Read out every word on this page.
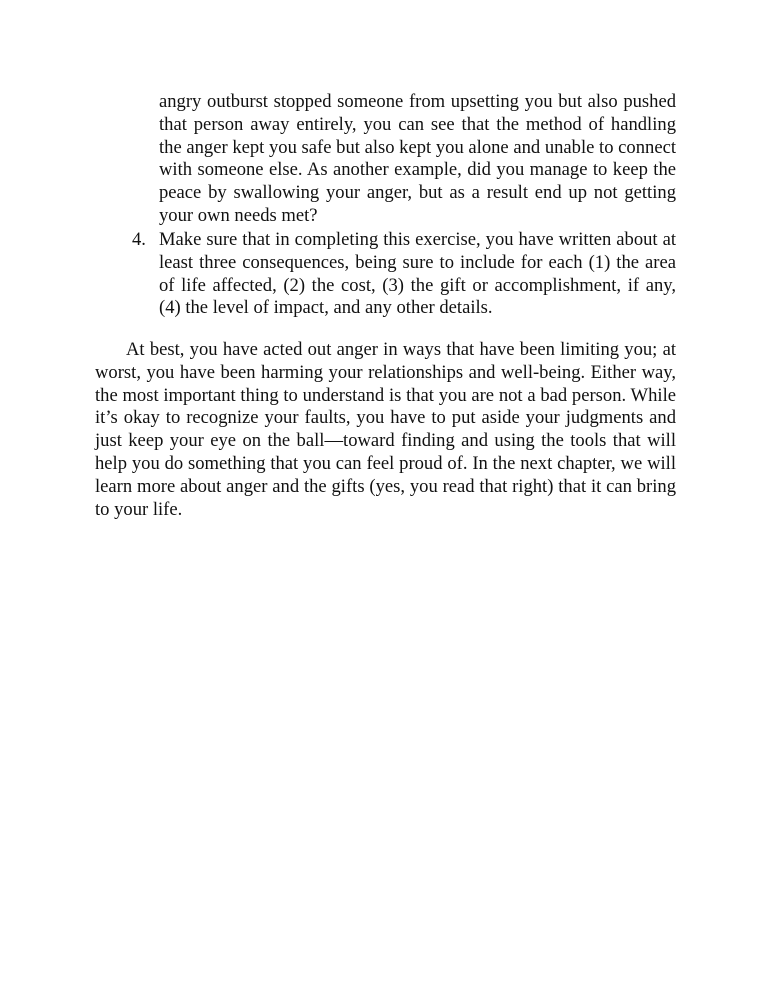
angry outburst stopped someone from upsetting you but also pushed that person away entirely, you can see that the method of handling the anger kept you safe but also kept you alone and unable to connect with someone else. As another example, did you manage to keep the peace by swallowing your anger, but as a result end up not getting your own needs met?

4. Make sure that in completing this exercise, you have written about at least three consequences, being sure to include for each (1) the area of life affected, (2) the cost, (3) the gift or accomplishment, if any, (4) the level of impact, and any other details.

At best, you have acted out anger in ways that have been limiting you; at worst, you have been harming your relationships and well-being. Either way, the most important thing to understand is that you are not a bad person. While it’s okay to recognize your faults, you have to put aside your judgments and just keep your eye on the ball—toward finding and using the tools that will help you do something that you can feel proud of. In the next chapter, we will learn more about anger and the gifts (yes, you read that right) that it can bring to your life.
